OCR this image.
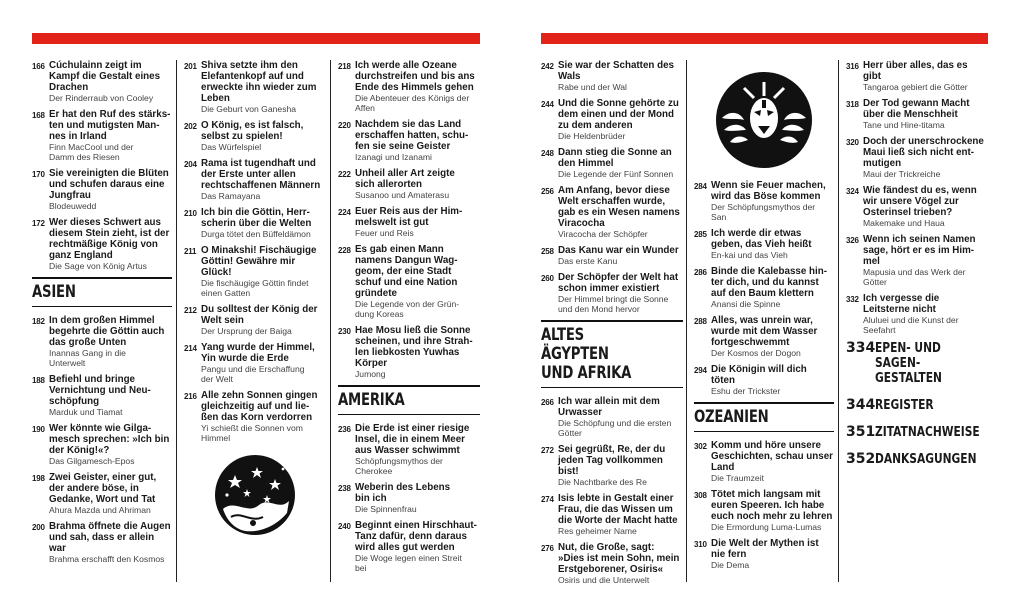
166 Cúchulainn zeigt im
Kampf die Gestalt eines
Drachen

Der Rinderraub von Cooley

168 Er hat den Ruf des stärks-
ten und mutigsten Man-
nes in Irland

Finn MacCool und der
Damm des Riesen

170 Sie vereinigten die Blüten
und schufen daraus eine
Jungfrau

Blodeuwedd

172 Wer dieses Schwert aus
diesem Stein zieht, ist der
rechtmäßige König von
ganz England

Die Sage von König Artus

ASIEN
182 In dem großen Himmel
begehrte die Göttin auch
das große Unten

Inannas Gang in die
Unterwelt

188 Befiehl und bringe
Vernichtung und Neu-
schöpfung

Marduk und Tiamat

190 Wer könnte wie Gilga-
mesch sprechen: »Ich bin
der König!«?

Das Gilgamesch-Epos

198 Zwei Geister, einer gut,
der andere böse, in
Gedanke, Wort und Tat

Ahura Mazda und Ahriman

200 Brahma öffnete die Augen
und sah, dass er allein
war

Brahma erschafft den Kosmos

201 Shiva setzte ihm den
Elefantenkopf auf und
erweckte ihn wieder zum
Leben

Die Geburt von Ganesha

202 O König, es ist falsch,
selbst zu spielen!

Das Würfelspiel

204 Rama ist tugendhaft und
der Erste unter allen
rechtschaffenen Männern

Das Ramayana

210 Ich bin die Göttin, Herr-
scherin über die Welten

Durga tötet den Büffeldämon

211 O Minakshi! Fischäugige
Göttin! Gewähre mir
Glück!

Die fischäugige Göttin findet
einen Gatten

212 Du solltest der König der
Welt sein

Der Ursprung der Baiga

214 Yang wurde der Himmel,
Yin wurde die Erde

Pangu und die Erschaffung
der Welt

216 Alle zehn Sonnen gingen
gleichzeitig auf und lie-
ßen das Korn verdorren

Yi schießt die Sonnen vom
Himmel

218 Ich werde alle Ozeane
durchstreifen und bis ans
Ende des Himmels gehen

Die Abenteuer des Königs der
Affen

220 Nachdem sie das Land
erschaffen hatten, schu-
fen sie seine Geister

Izanagi und Izanami

222 Unheil aller Art zeigte
sich allerorten

Susanoo und Amaterasu

224 Euer Reis aus der Him-
melswelt ist gut

Feuer und Reis

228 Es gab einen Mann
namens Dangun Wag-
geom, der eine Stadt
schuf und eine Nation
gründete

Die Legende von der Grün-
dung Koreas

230 Hae Mosu ließ die Sonne
scheinen, und ihre Strah-
len liebkosten Yuwhas
Körper

Jumong

AMERIKA
236 Die Erde ist einer riesige
Insel, die in einem Meer
aus Wasser schwimmt

Schöpfungsmythos der
Cherokee

238 Weberin des Lebens
bin ich

Die Spinnenfrau

240 Beginnt einen Hirschhaut-
Tanz dafür, denn daraus
wird alles gut werden

Die Woge legen einen Streit
bei

242 Sie war der Schatten des
Wals

Rabe und der Wal

244 Und die Sonne gehörte zu
dem einen und der Mond
zu dem anderen

Die Heldenbrüder

248 Dann stieg die Sonne an
den Himmel

Die Legende der Fünf Sonnen

256 Am Anfang, bevor diese
Welt erschaffen wurde,
gab es ein Wesen namens
Viracocha

Viracocha der Schöpfer

258 Das Kanu war ein Wunder

Das erste Kanu

260 Der Schöpfer der Welt hat
schon immer existiert

Der Himmel bringt die Sonne
und den Mond hervor

ALTES ÄGYPTEN
UND AFRIKA
266 Ich war allein mit dem
Urwasser

Die Schöpfung und die ersten
Götter

272 Sei gegrüßt, Re, der du
jeden Tag vollkommen
bist!

Die Nachtbarke des Re

274 Isis lebte in Gestalt einer
Frau, die das Wissen um
die Worte der Macht hatte

Res geheimer Name

276 Nut, die Große, sagt:
»Dies ist mein Sohn, mein
Erstgeborener, Osiris«

Osiris und die Unterwelt

284 Wenn sie Feuer machen,
wird das Böse kommen

Der Schöpfungsmythos der
San

285 Ich werde dir etwas
geben, das Vieh heißt

En-kai und das Vieh

286 Binde die Kalebasse hin-
ter dich, und du kannst
auf den Baum klettern

Anansi die Spinne

288 Alles, was unrein war,
wurde mit dem Wasser
fortgeschwemmt

Der Kosmos der Dogon

294 Die Königin will dich
töten

Eshu der Trickster

OZEANIEN
302 Komm und höre unsere
Geschichten, schau unser
Land

Die Traumzeit

308 Tötet mich langsam mit
euren Speeren. Ich habe
euch noch mehr zu lehren

Die Ermordung Luma-Lumas

310 Die Welt der Mythen ist
nie fern

Die Dema

316 Herr über alles, das es
gibt

Tangaroa gebiert die Götter

318 Der Tod gewann Macht
über die Menschheit

Tane und Hine-titama

320 Doch der unerschrockene
Maui ließ sich nicht ent-
mutigen

Maui der Trickreiche

324 Wie fändest du es, wenn
wir unsere Vögel zur
Osterinsel trieben?

Makemake und Haua

326 Wenn ich seinen Namen
sage, hört er es im Him-
mel

Mapusia und das Werk der
Götter

332 Ich vergesse die
Leitsterne nicht

Aluluei und die Kunst der
Seefahrt

334 EPEN- UND SAGEN-
GESTALTEN
344 REGISTER
351 ZITATNACHWEISE
352 DANKSAGUNGEN
